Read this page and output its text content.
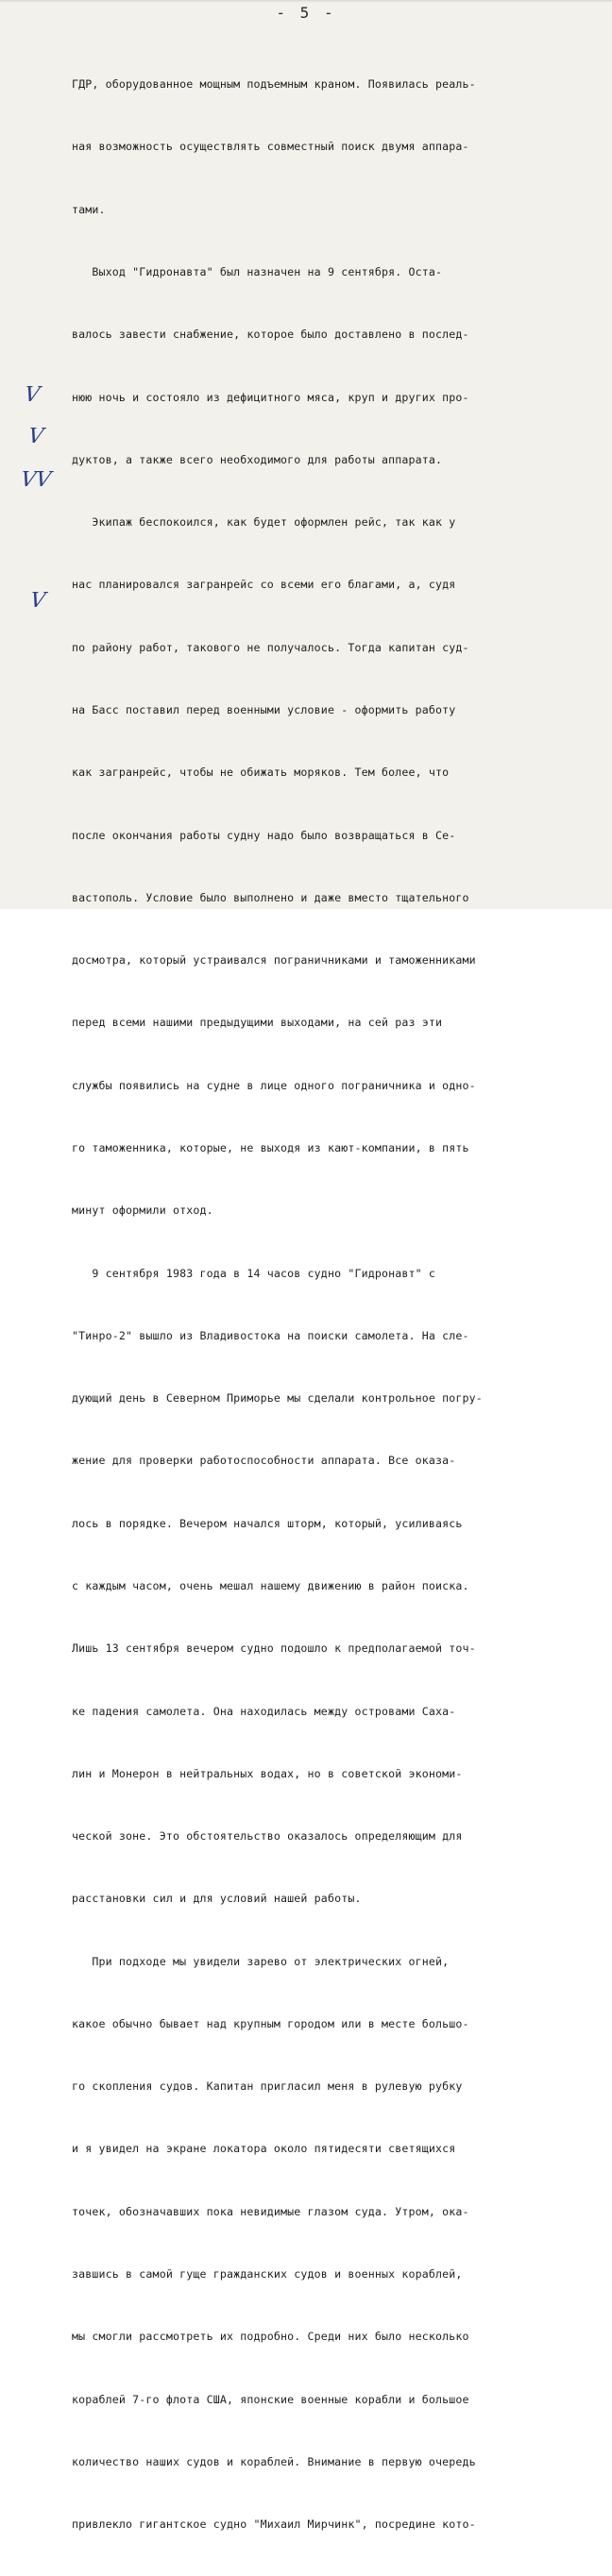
- 5 -
V
V
VV
V

ГДР, оборудованное мощным подъемным краном. Появилась реаль-

ная возможность осуществлять совместный поиск двумя аппара-

тами.

Выход "Гидронавта" был назначен на 9 сентября. Оста-

валось завести снабжение, которое было доставлено в послед-

нюю ночь и состояло из дефицитного мяса, круп и других про-

дуктов, а также всего необходимого для работы аппарата.

Экипаж беспокоился, как будет оформлен рейс, так как у

нас планировался загранрейс со всеми его благами, а, судя

по району работ, такового не получалось. Тогда капитан суд-

на Басс поставил перед военными условие - оформить работу

как загранрейс, чтобы не обижать моряков. Тем более, что

после окончания работы судну надо было возвращаться в Се-

вастополь. Условие было выполнено и даже вместо тщательного

досмотра, который устраивался пограничниками и таможенниками

перед всеми нашими предыдущими выходами, на сей раз эти

службы появились на судне в лице одного пограничника и одно-

го таможенника, которые, не выходя из кают-компании, в пять

минут оформили отход.

9 сентября 1983 года в 14 часов судно "Гидронавт" с

"Тинро-2" вышло из Владивостока на поиски самолета. На сле-

дующий день в Северном Приморье мы сделали контрольное погру-

жение для проверки работоспособности аппарата. Все оказа-

лось в порядке. Вечером начался шторм, который, усиливаясь

с каждым часом, очень мешал нашему движению в район поиска.

Лишь 13 сентября вечером судно подошло к предполагаемой точ-

ке падения самолета. Она находилась между островами Саха-

лин и Монерон в нейтральных водах, но в советской экономи-

ческой зоне. Это обстоятельство оказалось определяющим для

расстановки сил и для условий нашей работы.

При подходе мы увидели зарево от электрических огней,

какое обычно бывает над крупным городом или в месте большо-

го скопления судов. Капитан пригласил меня в рулевую рубку

и я увидел на экране локатора около пятидесяти светящихся

точек, обозначавших пока невидимые глазом суда. Утром, ока-

завшись в самой гуще гражданских судов и военных кораблей,

мы смогли рассмотреть их подробно. Среди них было несколько

кораблей 7-го флота США, японские военные корабли и большое

количество наших судов и кораблей. Внимание в первую очередь

привлекло гигантское судно "Михаил Мирчинк", посредине кото-
